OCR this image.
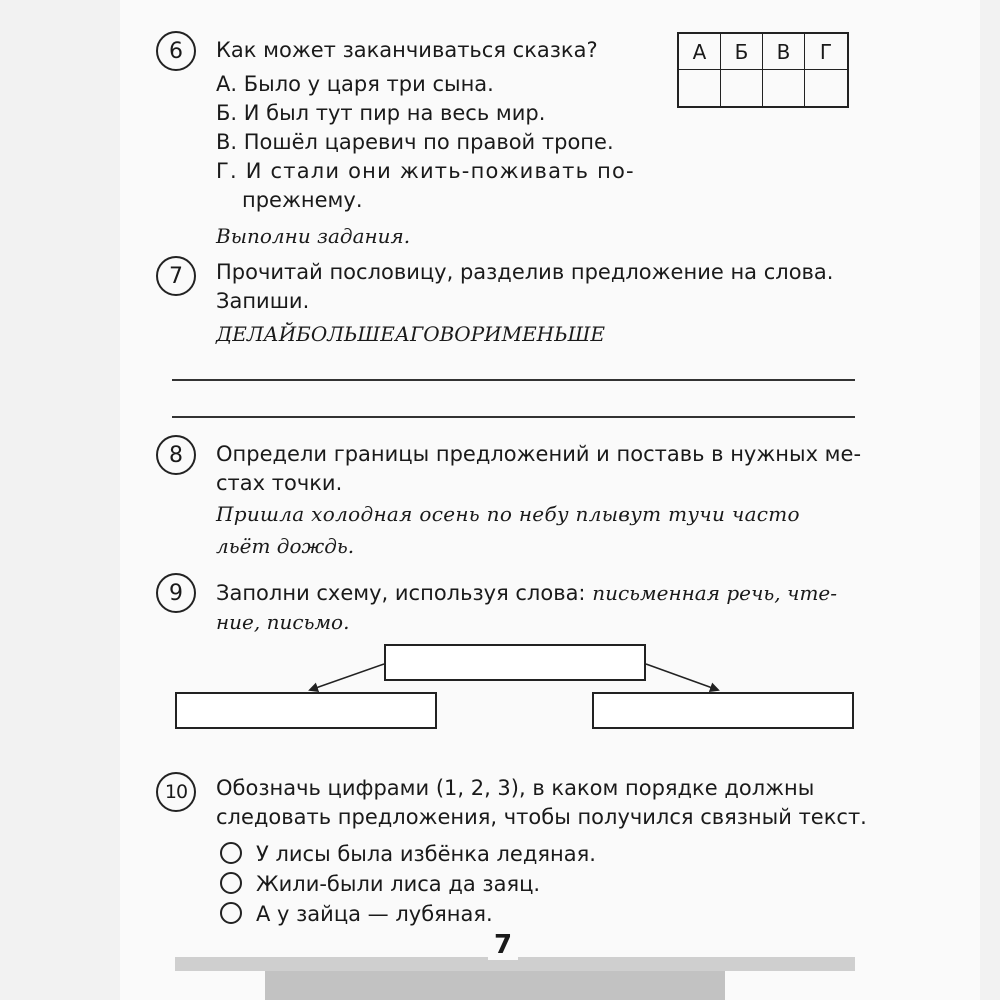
6 Как может заканчиваться сказка?
А. Было у царя три сына.
Б. И был тут пир на весь мир.
В. Пошёл царевич по правой тропе.
Г. И стали они жить-поживать по-
прежнему.
А	Б	В	Г
Выполни задания.
7 Прочитай пословицу, разделив предложение на слова.
Запиши.
ДЕЛАЙБОЛЬШЕАГОВОРИМЕНЬШЕ
8 Определи границы предложений и поставь в нужных ме-
стах точки.
Пришла холодная осень по небу плывут тучи часто
льёт дождь.
9 Заполни схему, используя слова: письменная речь, чте-
ние, письмо.
10 Обозначь цифрами (1, 2, 3), в каком порядке должны
следовать предложения, чтобы получился связный текст.
У лисы была избёнка ледяная.
Жили-были лиса да заяц.
А у зайца — лубяная.
7
